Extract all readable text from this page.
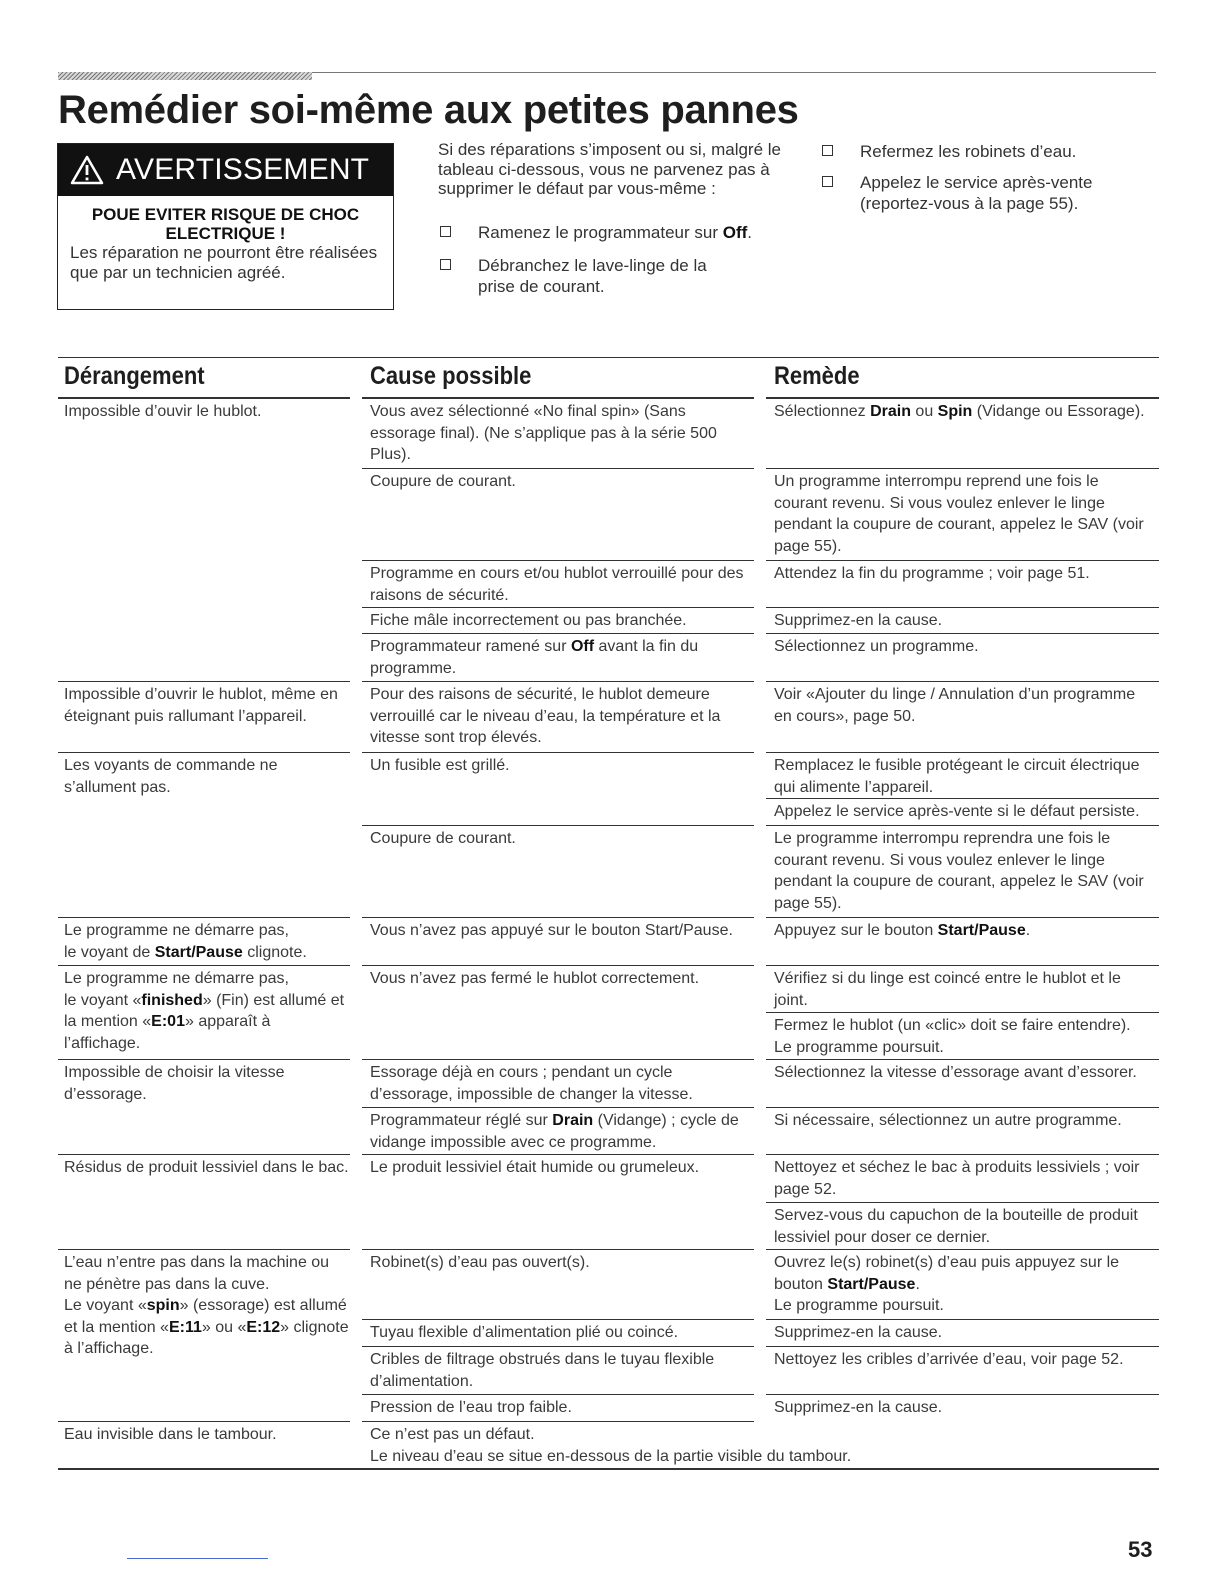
Remédier soi-même aux petites pannes
AVERTISSEMENT
POUE EVITER RISQUE DE CHOC
ELECTRIQUE !
Les réparation ne pourront être réalisées que par un technicien agréé.
Si des réparations s’imposent ou si, malgré le tableau ci-dessous, vous ne parvenez pas à supprimer le défaut par vous-même :
Ramenez le programmateur sur Off.
Débranchez le lave-linge de la prise de courant.
Refermez les robinets d’eau.
Appelez le service après-vente (reportez-vous à la page 55).
Dérangement	Cause possible	Remède
Impossible d’ouvir le hublot.
Impossible d’ouvrir le hublot, même en éteignant puis rallumant l’appareil.
Les voyants de commande ne s’allument pas.
Le programme ne démarre pas,
le voyant de Start/Pause clignote.
Le programme ne démarre pas,
le voyant «finished» (Fin) est allumé et la mention «E:01» apparaît à l’affichage.
Impossible de choisir la vitesse d’essorage.
Résidus de produit lessiviel dans le bac.
L’eau n’entre pas dans la machine ou ne pénètre pas dans la cuve.
Le voyant «spin» (essorage) est allumé et la mention «E:11» ou «E:12» clignote à l’affichage.
Eau invisible dans le tambour.
Vous avez sélectionné «No final spin» (Sans essorage final). (Ne s’applique pas à la série 500 Plus).
Coupure de courant.
Programme en cours et/ou hublot verrouillé pour des raisons de sécurité.
Fiche mâle incorrectement ou pas branchée.
Programmateur ramené sur Off avant la fin du programme.
Pour des raisons de sécurité, le hublot demeure verrouillé car le niveau d’eau, la température et la vitesse sont trop élevés.
Un fusible est grillé.
Coupure de courant.
Vous n’avez pas appuyé sur le bouton Start/Pause.
Vous n’avez pas fermé le hublot correctement.
Essorage déjà en cours ; pendant un cycle d’essorage, impossible de changer la vitesse.
Programmateur réglé sur Drain (Vidange) ; cycle de vidange impossible avec ce programme.
Le produit lessiviel était humide ou grumeleux.
Robinet(s) d’eau pas ouvert(s).
Tuyau flexible d’alimentation plié ou coincé.
Cribles de filtrage obstrués dans le tuyau flexible d’alimentation.
Pression de l’eau trop faible.
Ce n’est pas un défaut.
Le niveau d’eau se situe en-dessous de la partie visible du tambour.
Sélectionnez Drain ou Spin (Vidange ou Essorage).
Un programme interrompu reprend une fois le courant revenu. Si vous voulez enlever le linge pendant la coupure de courant, appelez le SAV (voir page 55).
Attendez la fin du programme ; voir page 51.
Supprimez-en la cause.
Sélectionnez un programme.
Voir «Ajouter du linge / Annulation d’un programme en cours», page 50.
Remplacez le fusible protégeant le circuit électrique qui alimente l’appareil.
Appelez le service après-vente si le défaut persiste.
Le programme interrompu reprendra une fois le courant revenu. Si vous voulez enlever le linge pendant la coupure de courant, appelez le SAV (voir page 55).
Appuyez sur le bouton Start/Pause.
Vérifiez si du linge est coincé entre le hublot et le joint.
Fermez le hublot (un «clic» doit se faire entendre).
Le programme poursuit.
Sélectionnez la vitesse d’essorage avant d’essorer.
Si nécessaire, sélectionnez un autre programme.
Nettoyez et séchez le bac à produits lessiviels ; voir page 52.
Servez-vous du capuchon de la bouteille de produit lessiviel pour doser ce dernier.
Ouvrez le(s) robinet(s) d’eau puis appuyez sur le bouton Start/Pause.
Le programme poursuit.
Supprimez-en la cause.
Nettoyez les cribles d’arrivée d’eau, voir page 52.
Supprimez-en la cause.
53
